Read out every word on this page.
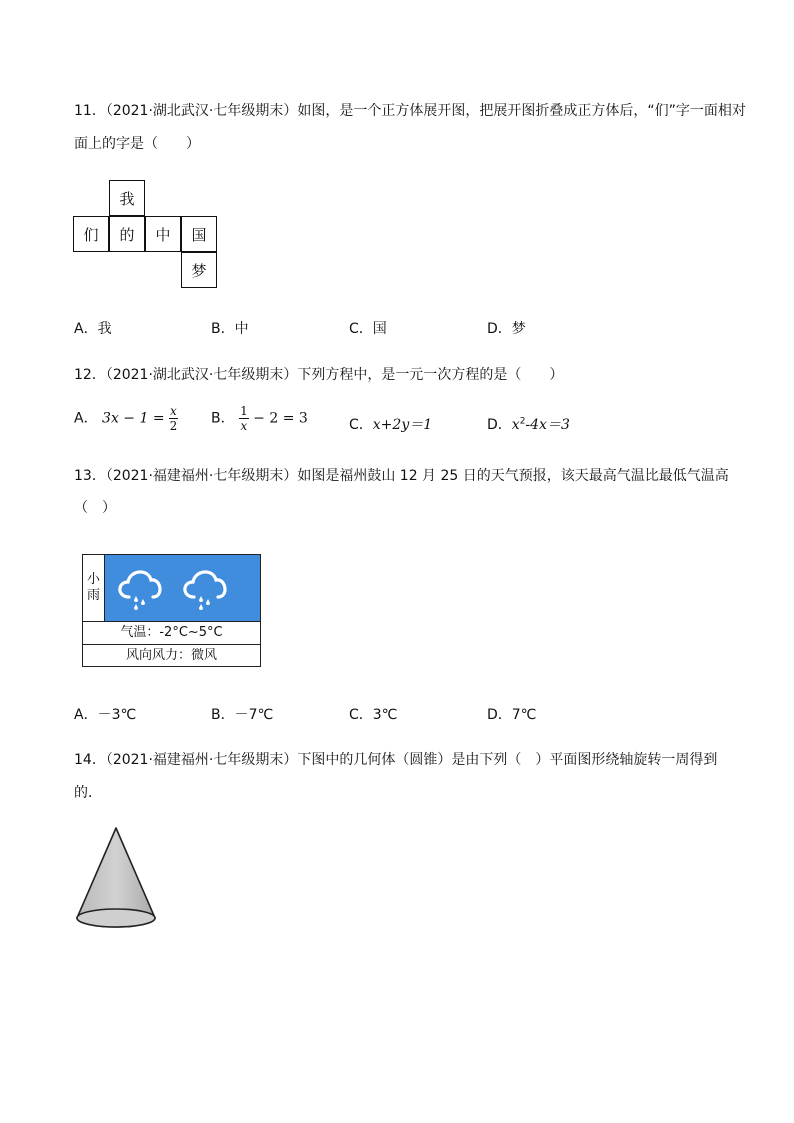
11．（2021·湖北武汉·七年级期末）如图，是一个正方体展开图，把展开图折叠成正方体后，“们”字一面相对
面上的字是（　　）
我
们	的	中	国
梦
A．我	B．中	C．国	D．梦
12．（2021·湖北武汉·七年级期末）下列方程中，是一元一次方程的是（　　）
A． $3x - 1 = \frac{x}{2}$ B． $\frac{1}{x} - 2 = 3$	C．x+2y＝1	D．$x^2-4x=3$
13．（2021·福建福州·七年级期末）如图是福州鼓山 12 月 25 日的天气预报，该天最高气温比最低气温高
（　）
小
雨
气温：-2°C~5°C
风向风力：微风
A．－3℃	B．－7℃	C．3℃	D．7℃
14．（2021·福建福州·七年级期末）下图中的几何体（圆锥）是由下列（　）平面图形绕轴旋转一周得到
的．
